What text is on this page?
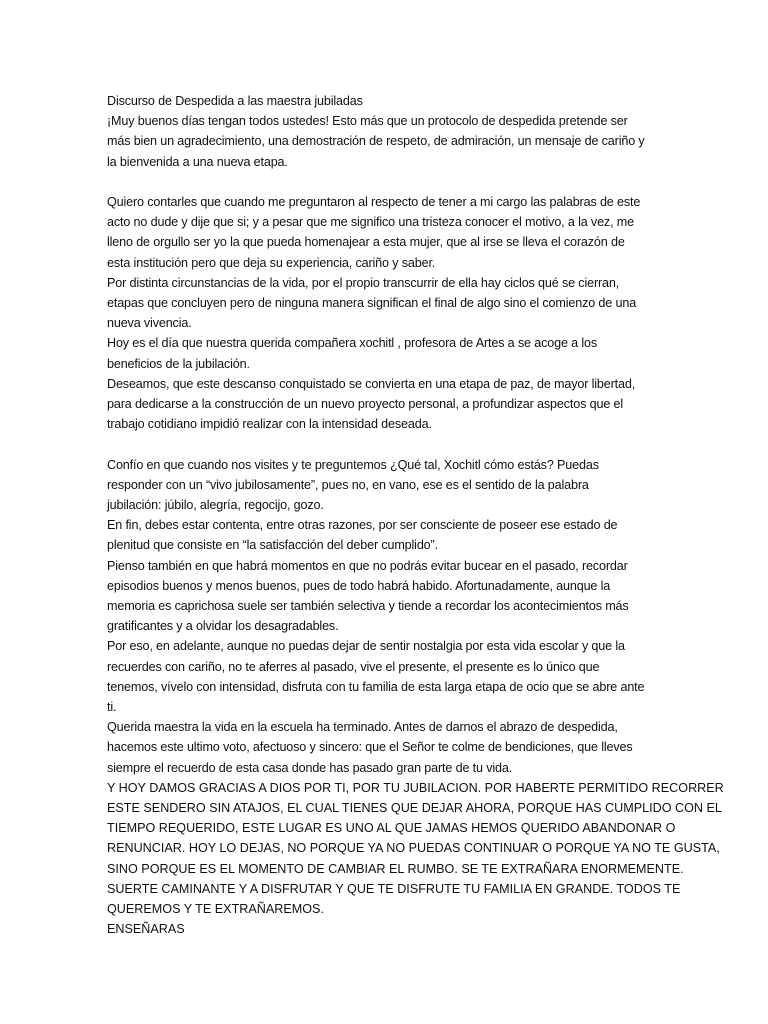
Discurso de Despedida a las maestra jubiladas
¡Muy buenos días tengan todos ustedes! Esto más que un protocolo de despedida pretende ser
más bien un agradecimiento, una demostración de respeto, de admiración, un mensaje de cariño y
la bienvenida a una nueva etapa.
Quiero contarles que cuando me preguntaron al respecto de tener a mi cargo las palabras de este
acto no dude y dije que si; y a pesar que me significo una tristeza conocer el motivo, a la vez, me
lleno de orgullo ser yo la que pueda homenajear a esta mujer, que al irse se lleva el corazón de
esta institución pero que deja su experiencia, cariño y saber.
Por distinta circunstancias de la vida, por el propio transcurrir de ella hay ciclos qué se cierran,
etapas que concluyen pero de ninguna manera significan el final de algo sino el comienzo de una
nueva vivencia.
Hoy es el día que nuestra querida compañera xochitl , profesora de Artes a se acoge a los
beneficios de la jubilación.
Deseamos, que este descanso conquistado se convierta en una etapa de paz, de mayor libertad,
para dedicarse a la construcción de un nuevo proyecto personal, a profundizar aspectos que el
trabajo cotidiano impidió realizar con la intensidad deseada.
Confío en que cuando nos visites y te preguntemos ¿Qué tal, Xochitl cómo estás? Puedas
responder con un “vivo jubilosamente”, pues no, en vano, ese es el sentido de la palabra
jubilación: júbilo, alegría, regocijo, gozo.
En fin, debes estar contenta, entre otras razones, por ser consciente de poseer ese estado de
plenitud que consiste en “la satisfacción del deber cumplido”.
Pienso también en que habrá momentos en que no podrás evitar bucear en el pasado, recordar
episodios buenos y menos buenos, pues de todo habrá habido. Afortunadamente, aunque la
memoria es caprichosa suele ser también selectiva y tiende a recordar los acontecimientos más
gratificantes y a olvidar los desagradables.
Por eso, en adelante, aunque no puedas dejar de sentir nostalgia por esta vida escolar y que la
recuerdes con cariño, no te aferres al pasado, vive el presente, el presente es lo único que
tenemos, vívelo con intensidad, disfruta con tu familia de esta larga etapa de ocio que se abre ante
ti.
Querida maestra la vida en la escuela ha terminado. Antes de darnos el abrazo de despedida,
hacemos este ultimo voto, afectuoso y sincero: que el Señor te colme de bendiciones, que lleves
siempre el recuerdo de esta casa donde has pasado gran parte de tu vida.
Y HOY DAMOS GRACIAS A DIOS POR TI, POR TU JUBILACION. POR HABERTE PERMITIDO RECORRER
ESTE SENDERO SIN ATAJOS, EL CUAL TIENES QUE DEJAR AHORA, PORQUE HAS CUMPLIDO CON EL
TIEMPO REQUERIDO, ESTE LUGAR ES UNO AL QUE JAMAS HEMOS QUERIDO ABANDONAR O
RENUNCIAR. HOY LO DEJAS, NO PORQUE YA NO PUEDAS CONTINUAR O PORQUE YA NO TE GUSTA,
SINO PORQUE ES EL MOMENTO DE CAMBIAR EL RUMBO. SE TE EXTRAÑARA ENORMEMENTE.
SUERTE CAMINANTE Y A DISFRUTAR Y QUE TE DISFRUTE TU FAMILIA EN GRANDE. TODOS TE
QUEREMOS Y TE EXTRAÑAREMOS.
ENSEÑARAS
